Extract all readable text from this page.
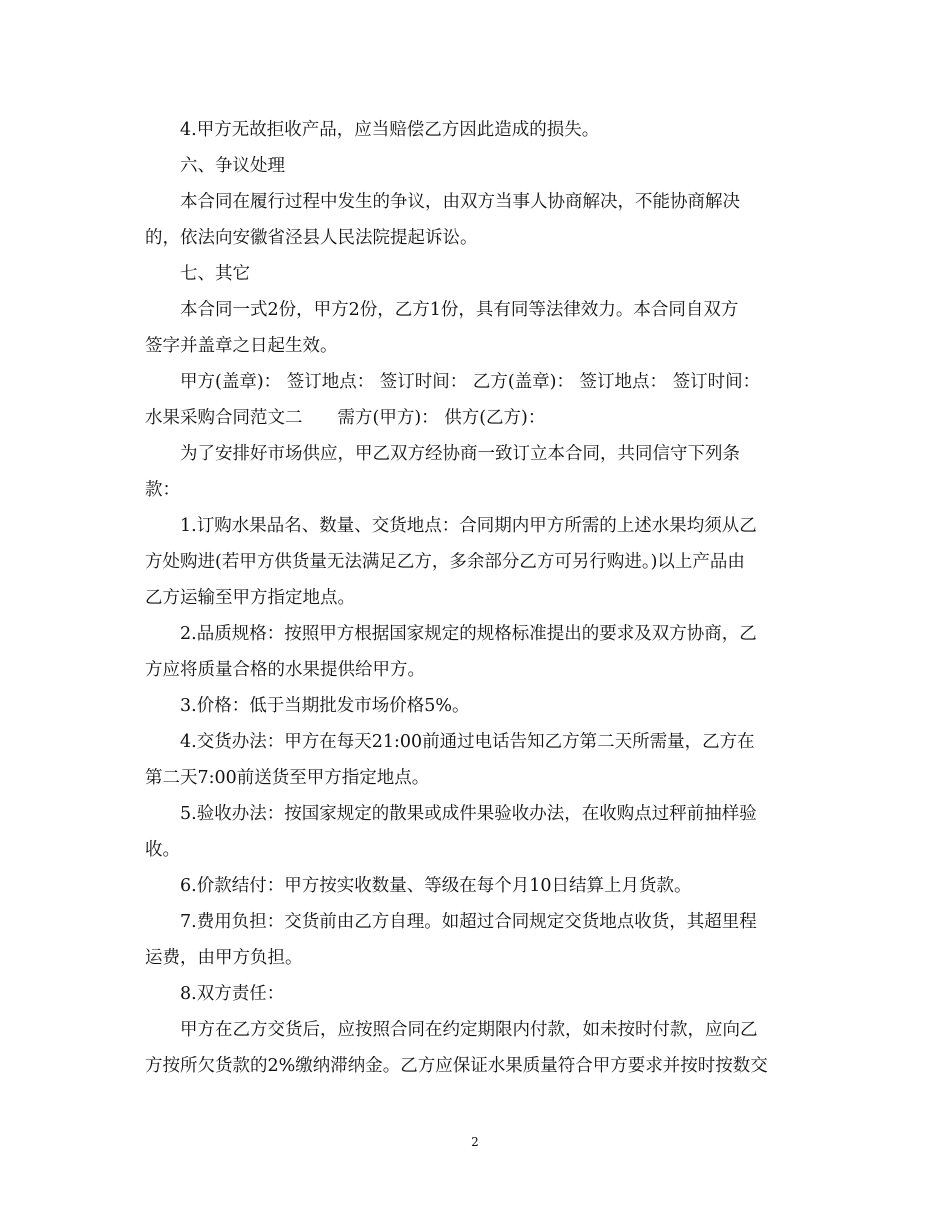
4.甲方无故拒收产品，应当赔偿乙方因此造成的损失。
六、争议处理
本合同在履行过程中发生的争议，由双方当事人协商解决，不能协商解决
的，依法向安徽省泾县人民法院提起诉讼。
七、其它
本合同一式2份，甲方2份，乙方1份，具有同等法律效力。本合同自双方
签字并盖章之日起生效。
甲方(盖章)： 签订地点： 签订时间： 乙方(盖章)： 签订地点： 签订时间：
水果采购合同范文二　　需方(甲方)： 供方(乙方)：
为了安排好市场供应，甲乙双方经协商一致订立本合同，共同信守下列条
款：
1.订购水果品名、数量、交货地点：合同期内甲方所需的上述水果均须从乙
方处购进(若甲方供货量无法满足乙方，多余部分乙方可另行购进。)以上产品由
乙方运输至甲方指定地点。
2.品质规格：按照甲方根据国家规定的规格标准提出的要求及双方协商，乙
方应将质量合格的水果提供给甲方。
3.价格：低于当期批发市场价格5%。
4.交货办法：甲方在每天21:00前通过电话告知乙方第二天所需量，乙方在
第二天7:00前送货至甲方指定地点。
5.验收办法：按国家规定的散果或成件果验收办法，在收购点过秤前抽样验
收。
6.价款结付：甲方按实收数量、等级在每个月10日结算上月货款。
7.费用负担：交货前由乙方自理。如超过合同规定交货地点收货，其超里程
运费，由甲方负担。
8.双方责任：
甲方在乙方交货后，应按照合同在约定期限内付款，如未按时付款，应向乙
方按所欠货款的2%缴纳滞纳金。乙方应保证水果质量符合甲方要求并按时按数交
2
